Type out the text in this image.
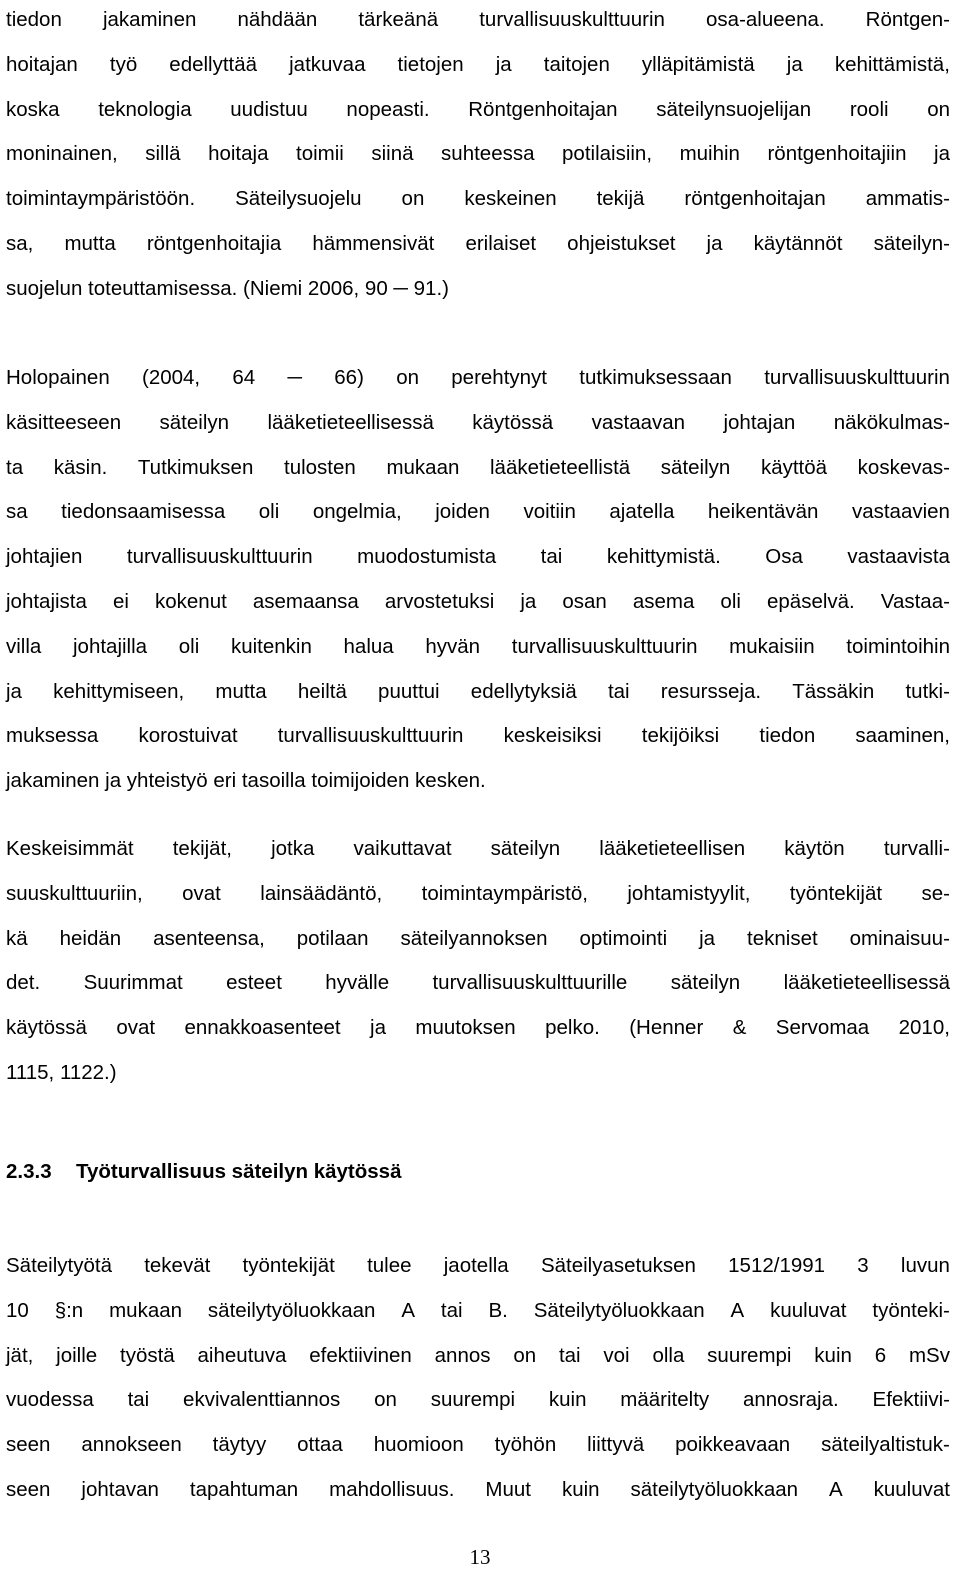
tiedon jakaminen nähdään tärkeänä turvallisuuskulttuurin osa-alueena. Röntgen-
hoitajan työ edellyttää jatkuvaa tietojen ja taitojen ylläpitämistä ja kehittämistä,
koska teknologia uudistuu nopeasti. Röntgenhoitajan säteilynsuojelijan rooli on
moninainen, sillä hoitaja toimii siinä suhteessa potilaisiin, muihin röntgenhoitajiin ja
toimintaympäristöön. Säteilysuojelu on keskeinen tekijä röntgenhoitajan ammatis-
sa, mutta röntgenhoitajia hämmensivät erilaiset ohjeistukset ja käytännöt säteilyn-
suojelun toteuttamisessa. (Niemi 2006, 90 ─ 91.)
Holopainen (2004, 64 ─ 66) on perehtynyt tutkimuksessaan turvallisuuskulttuurin
käsitteeseen säteilyn lääketieteellisessä käytössä vastaavan johtajan näkökulmas-
ta käsin. Tutkimuksen tulosten mukaan lääketieteellistä säteilyn käyttöä koskevas-
sa tiedonsaamisessa oli ongelmia, joiden voitiin ajatella heikentävän vastaavien
johtajien turvallisuuskulttuurin muodostumista tai kehittymistä. Osa vastaavista
johtajista ei kokenut asemaansa arvostetuksi ja osan asema oli epäselvä. Vastaa-
villa johtajilla oli kuitenkin halua hyvän turvallisuuskulttuurin mukaisiin toimintoihin
ja kehittymiseen, mutta heiltä puuttui edellytyksiä tai resursseja. Tässäkin tutki-
muksessa korostuivat turvallisuuskulttuurin keskeisiksi tekijöiksi tiedon saaminen,
jakaminen ja yhteistyö eri tasoilla toimijoiden kesken.
Keskeisimmät tekijät, jotka vaikuttavat säteilyn lääketieteellisen käytön turvalli-
suuskulttuuriin, ovat lainsäädäntö, toimintaympäristö, johtamistyylit, työntekijät se-
kä heidän asenteensa, potilaan säteilyannoksen optimointi ja tekniset ominaisuu-
det. Suurimmat esteet hyvälle turvallisuuskulttuurille säteilyn lääketieteellisessä
käytössä ovat ennakkoasenteet ja muutoksen pelko. (Henner & Servomaa 2010,
1115, 1122.)
2.3.3 Työturvallisuus säteilyn käytössä
Säteilytyötä tekevät työntekijät tulee jaotella Säteilyasetuksen 1512/1991 3 luvun
10 §:n mukaan säteilytyöluokkaan A tai B. Säteilytyöluokkaan A kuuluvat työnteki-
jät, joille työstä aiheutuva efektiivinen annos on tai voi olla suurempi kuin 6 mSv
vuodessa tai ekvivalenttiannos on suurempi kuin määritelty annosraja. Efektiivi-
seen annokseen täytyy ottaa huomioon työhön liittyvä poikkeavaan säteilyaltistuk-
seen johtavan tapahtuman mahdollisuus. Muut kuin säteilytyöluokkaan A kuuluvat
13
